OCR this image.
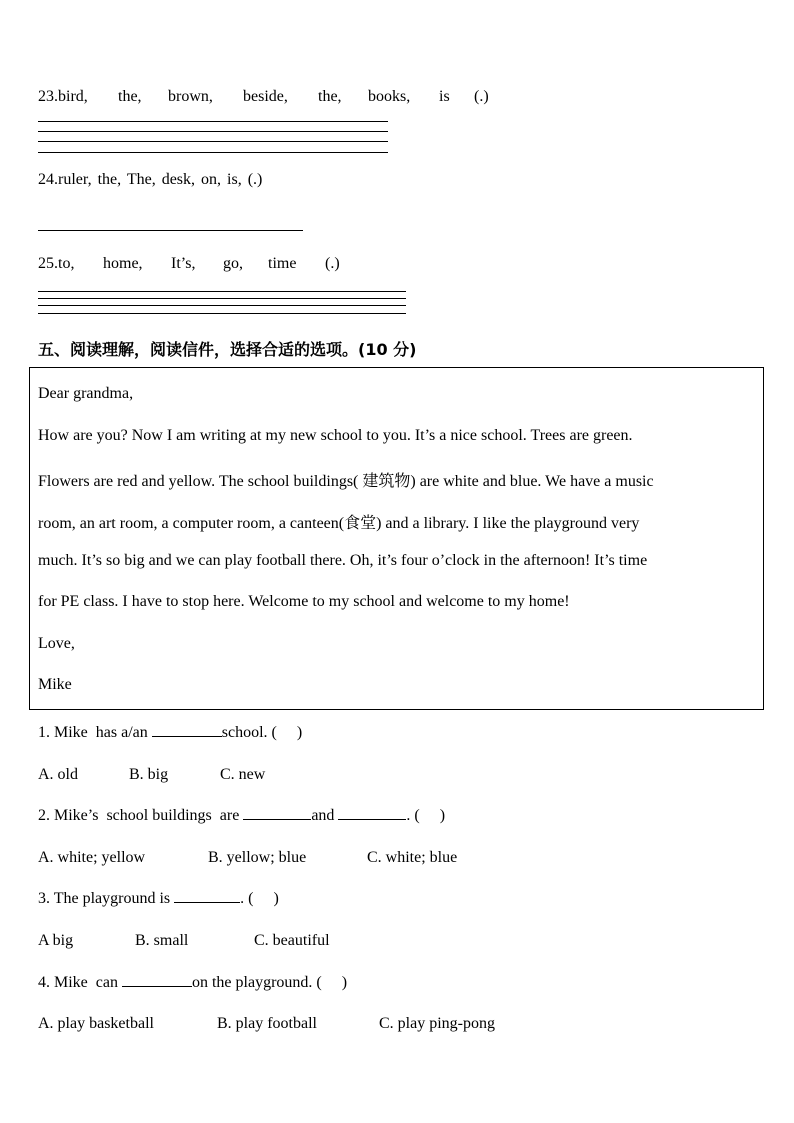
23.bird, the, brown, beside, the, books, is (.)
24.ruler, the, The, desk, on, is, (.)
25.to, home, It’s, go, time (.)
五、阅读理解，阅读信件，选择合适的选项。(10 分)
Dear grandma,
How are you? Now I am writing at my new school to you. It’s a nice school. Trees are green.
Flowers are red and yellow. The school buildings( 建筑物) are white and blue. We have a music
room, an art room, a computer room, a canteen(食堂) and a library. I like the playground very
much. It’s so big and we can play football there. Oh, it’s four o’clock in the afternoon! It’s time
for PE class. I have to stop here. Welcome to my school and welcome to my home!
Love,
Mike
1. Mike  has a/an	school. (     )
A. old	B. big	C. new
2. Mike’s  school buildings  are	and	. (     )
A. white; yellow	B. yellow; blue	C. white; blue
3. The playground is	. (     )
A big	B. small	C. beautiful
4. Mike  can	on the playground. (     )
A. play basketball	B. play football	C. play ping-pong
